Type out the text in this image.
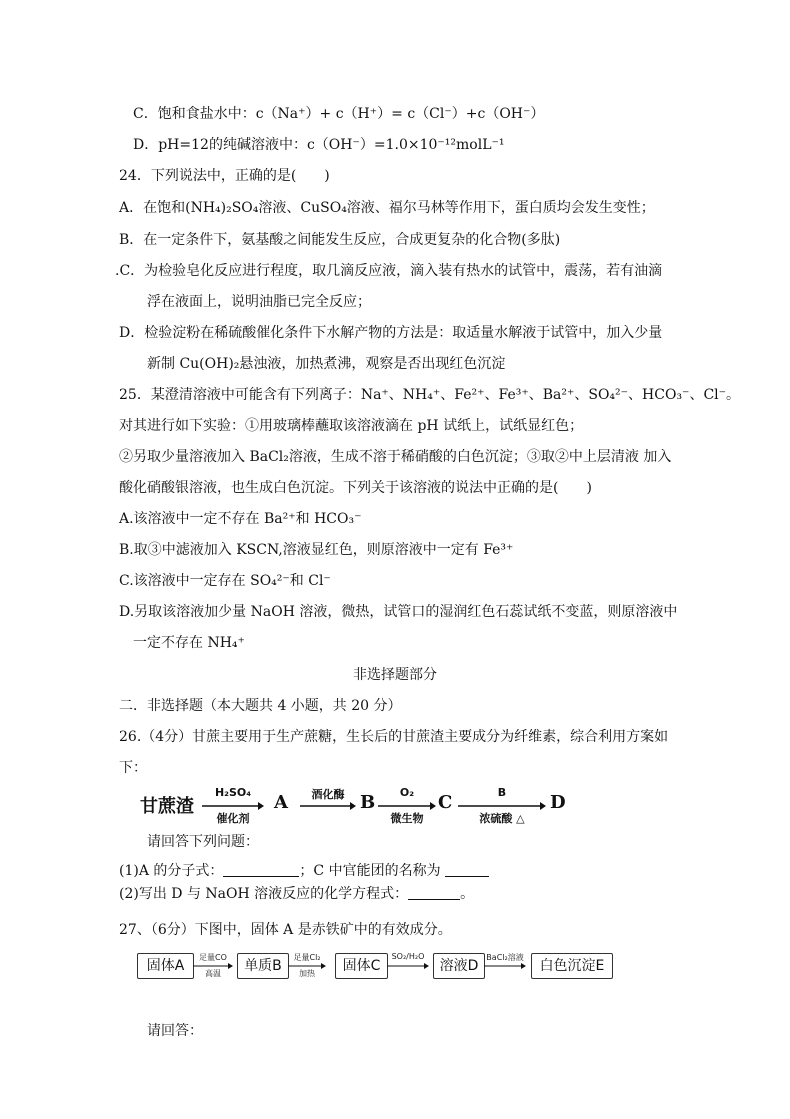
C．饱和食盐水中：c（Na⁺）+ c（H⁺）= c（Cl⁻）+c（OH⁻）
D．pH=12的纯碱溶液中：c（OH⁻）=1.0×10⁻¹²molL⁻¹
24．下列说法中，正确的是(　　)
A．在饱和(NH₄)₂SO₄溶液、CuSO₄溶液、福尔马林等作用下，蛋白质均会发生变性；
B．在一定条件下，氨基酸之间能发生反应，合成更复杂的化合物(多肽)
.C．为检验皂化反应进行程度，取几滴反应液，滴入装有热水的试管中，震荡，若有油滴
浮在液面上，说明油脂已完全反应；
D．检验淀粉在稀硫酸催化条件下水解产物的方法是：取适量水解液于试管中，加入少量
新制 Cu(OH)₂悬浊液，加热煮沸，观察是否出现红色沉淀
25．某澄清溶液中可能含有下列离子：Na⁺、NH₄⁺、Fe²⁺、Fe³⁺、Ba²⁺、SO₄²⁻、HCO₃⁻、Cl⁻。
对其进行如下实验：①用玻璃棒蘸取该溶液滴在 pH 试纸上，试纸显红色；
②另取少量溶液加入 BaCl₂溶液，生成不溶于稀硝酸的白色沉淀；③取②中上层清液 加入
酸化硝酸银溶液，也生成白色沉淀。下列关于该溶液的说法中正确的是(　　)
A.该溶液中一定不存在 Ba²⁺和 HCO₃⁻
B.取③中滤液加入 KSCN,溶液显红色，则原溶液中一定有 Fe³⁺
C.该溶液中一定存在 SO₄²⁻和 Cl⁻
D.另取该溶液加少量 NaOH 溶液，微热，试管口的湿润红色石蕊试纸不变蓝，则原溶液中
一定不存在 NH₄⁺
非选择题部分
二．非选择题（本大题共 4 小题，共 20 分）
26.（4分）甘蔗主要用于生产蔗糖，生长后的甘蔗渣主要成分为纤维素，综合利用方案如
下：
甘蔗渣
H₂SO₄
催化剂
A	酒化酶 B	O₂
微生物
C	B
浓硫酸 △
D
请回答下列问题：
(1)A 的分子式：	；C 中官能团的名称为
(2)写出 D 与 NaOH 溶液反应的化学方程式：	。
27、（6分）下图中，固体 A 是赤铁矿中的有效成分。
固体A
足量CO
高温	单质B
足量Cl₂
加热	固体C
SO₂/H₂O
溶液D
BaCl₂溶液
白色沉淀E
请回答：
